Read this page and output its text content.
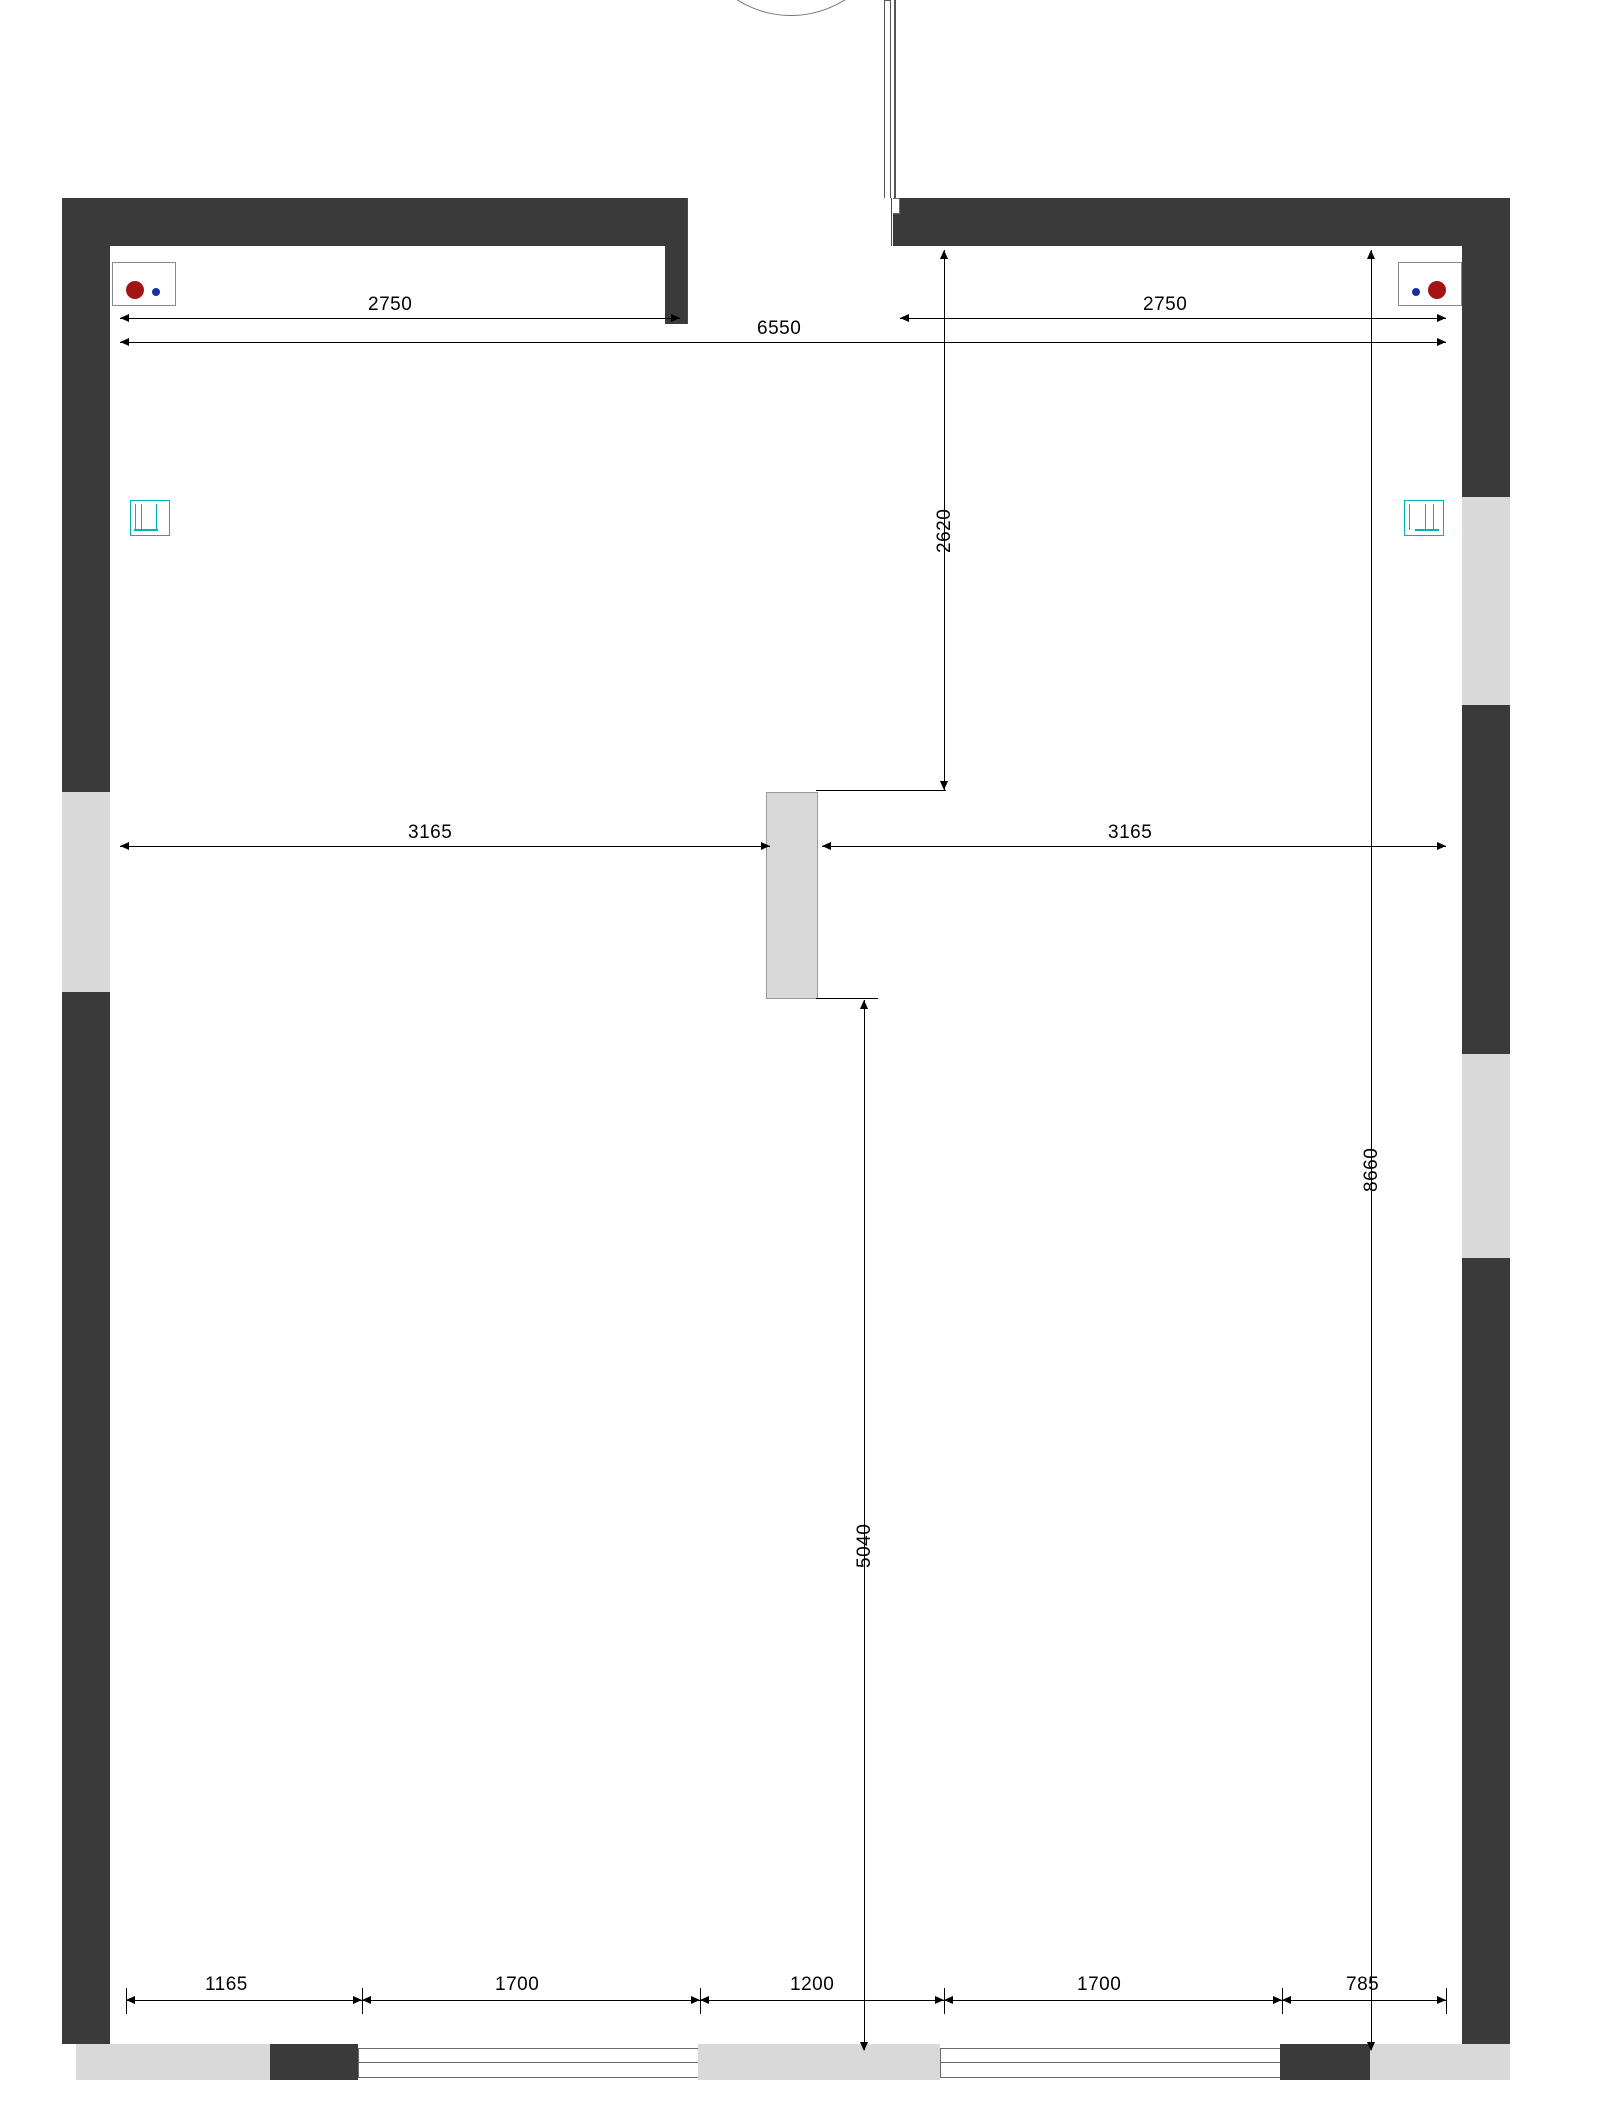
2750
6550
2750
2620
3165	3165
5040
8660
1165	1700	1200	1700	785
